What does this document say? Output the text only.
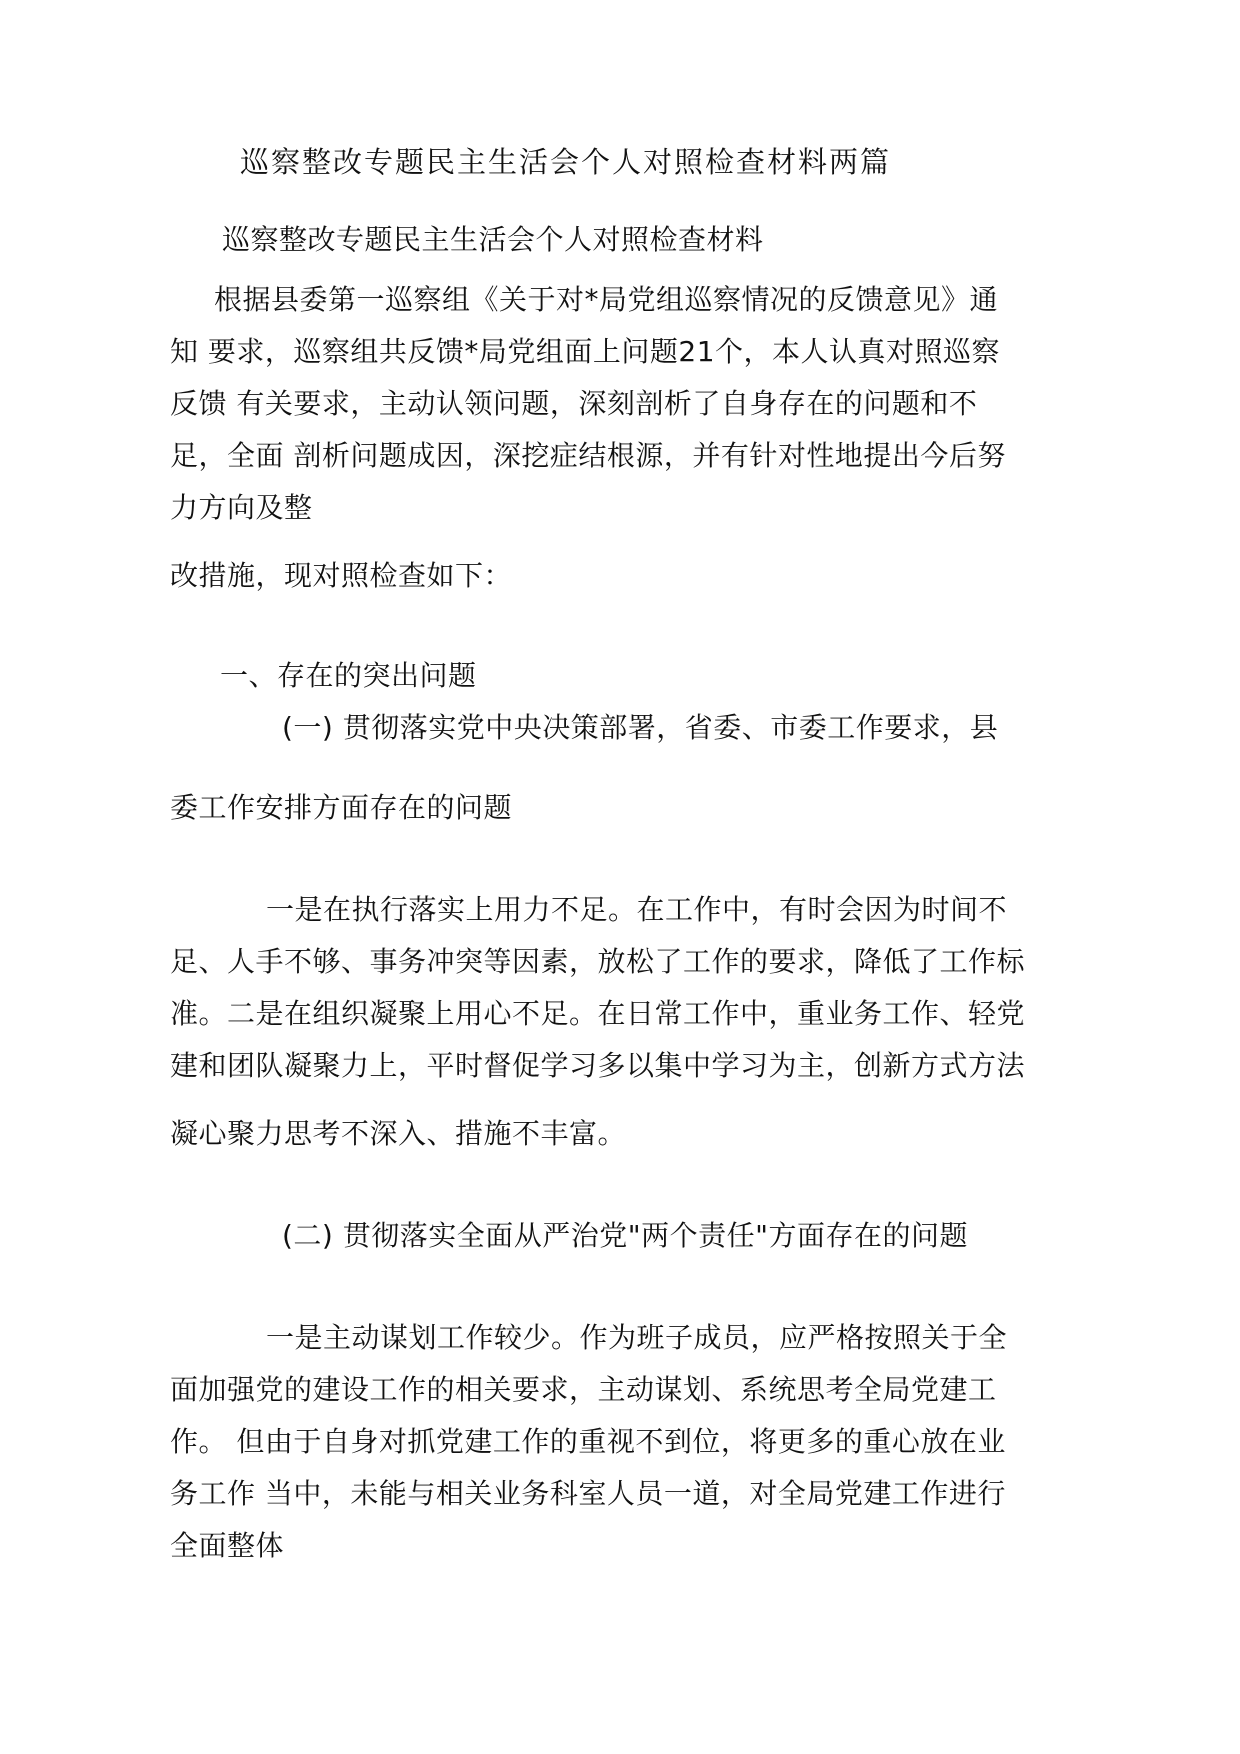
巡察整改专题民主生活会个人对照检查材料两篇
巡察整改专题民主生活会个人对照检查材料
根据县委第一巡察组《关于对*局党组巡察情况的反馈意见》通
知 要求，巡察组共反馈*局党组面上问题21个，本人认真对照巡察
反馈 有关要求，主动认领问题，深刻剖析了自身存在的问题和不
足，全面 剖析问题成因，深挖症结根源，并有针对性地提出今后努
力方向及整
改措施，现对照检查如下：
一、存在的突出问题
(一) 贯彻落实党中央决策部署，省委、市委工作要求，县
委工作安排方面存在的问题
一是在执行落实上用力不足。在工作中，有时会因为时间不
足、人手不够、事务冲突等因素，放松了工作的要求，降低了工作标
准。二是在组织凝聚上用心不足。在日常工作中，重业务工作、轻党
建和团队凝聚力上，平时督促学习多以集中学习为主，创新方式方法
凝心聚力思考不深入、措施不丰富。
(二) 贯彻落实全面从严治党"两个责任"方面存在的问题
一是主动谋划工作较少。作为班子成员，应严格按照关于全
面加强党的建设工作的相关要求，主动谋划、系统思考全局党建工
作。 但由于自身对抓党建工作的重视不到位，将更多的重心放在业
务工作 当中，未能与相关业务科室人员一道，对全局党建工作进行
全面整体
